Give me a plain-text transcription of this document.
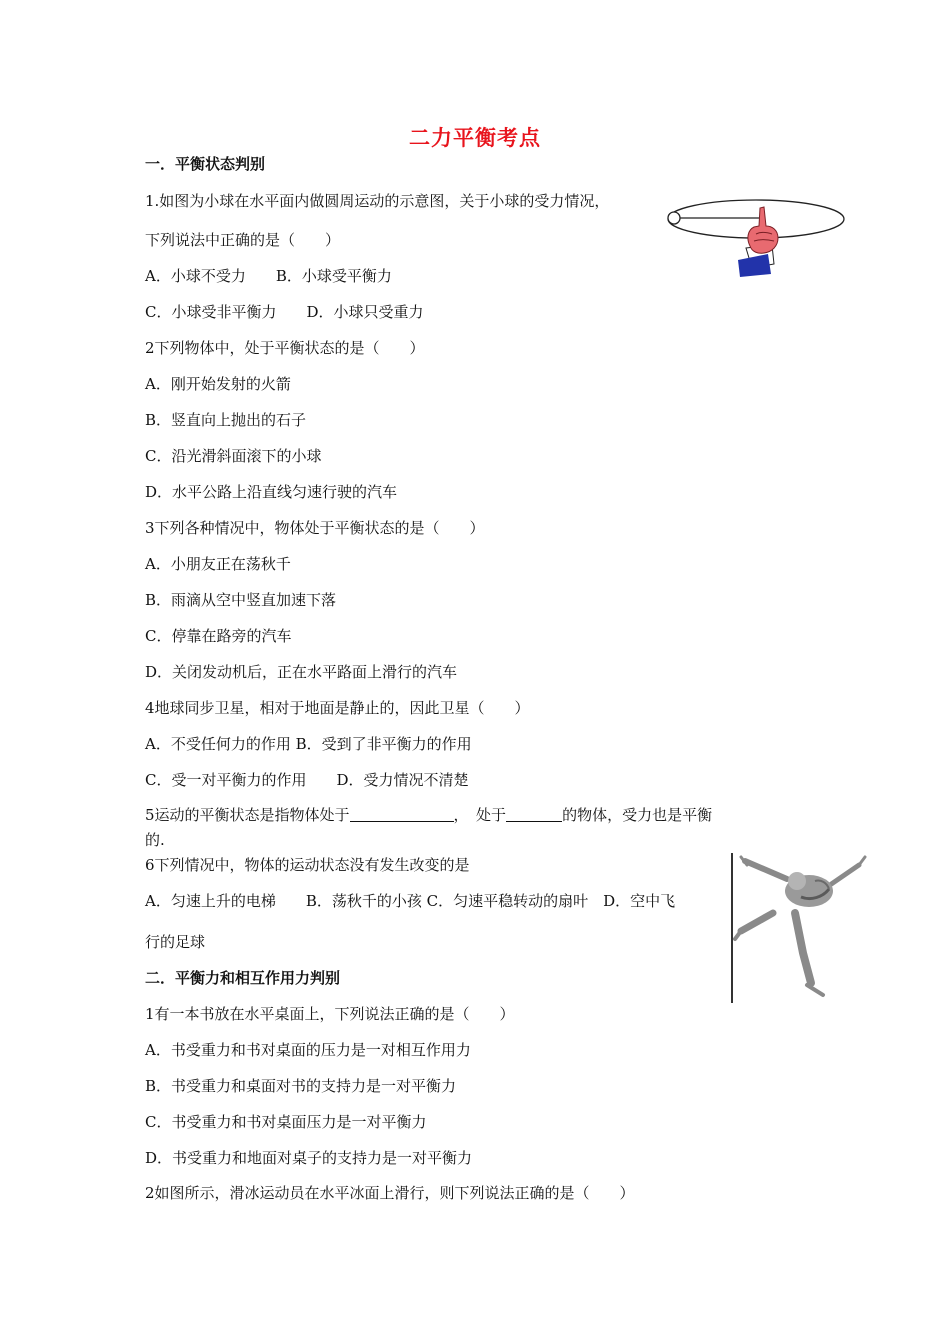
二力平衡考点
一．平衡状态判别
1.如图为小球在水平面内做圆周运动的示意图，关于小球的受力情况，
下列说法中正确的是（　　）
A．小球不受力　　B．小球受平衡力
C．小球受非平衡力　　D．小球只受重力
2下列物体中，处于平衡状态的是（　　）
A．刚开始发射的火箭
B．竖直向上抛出的石子
C．沿光滑斜面滚下的小球
D．水平公路上沿直线匀速行驶的汽车
3下列各种情况中，物体处于平衡状态的是（　　）
A．小朋友正在荡秋千
B．雨滴从空中竖直加速下落
C．停靠在路旁的汽车
D．关闭发动机后，正在水平路面上滑行的汽车
4地球同步卫星，相对于地面是静止的，因此卫星（　　）
A．不受任何力的作用 B．受到了非平衡力的作用
C．受一对平衡力的作用　　D．受力情况不清楚
5运动的平衡状态是指物体处于	，　处于	的物体，受力也是平衡
的.
6下列情况中，物体的运动状态没有发生改变的是
A．匀速上升的电梯　　B．荡秋千的小孩 C．匀速平稳转动的扇叶　D．空中飞
行的足球
二．平衡力和相互作用力判别
1有一本书放在水平桌面上，下列说法正确的是（　　）
A．书受重力和书对桌面的压力是一对相互作用力
B．书受重力和桌面对书的支持力是一对平衡力
C．书受重力和书对桌面压力是一对平衡力
D．书受重力和地面对桌子的支持力是一对平衡力
2如图所示，滑冰运动员在水平冰面上滑行，则下列说法正确的是（　　）
